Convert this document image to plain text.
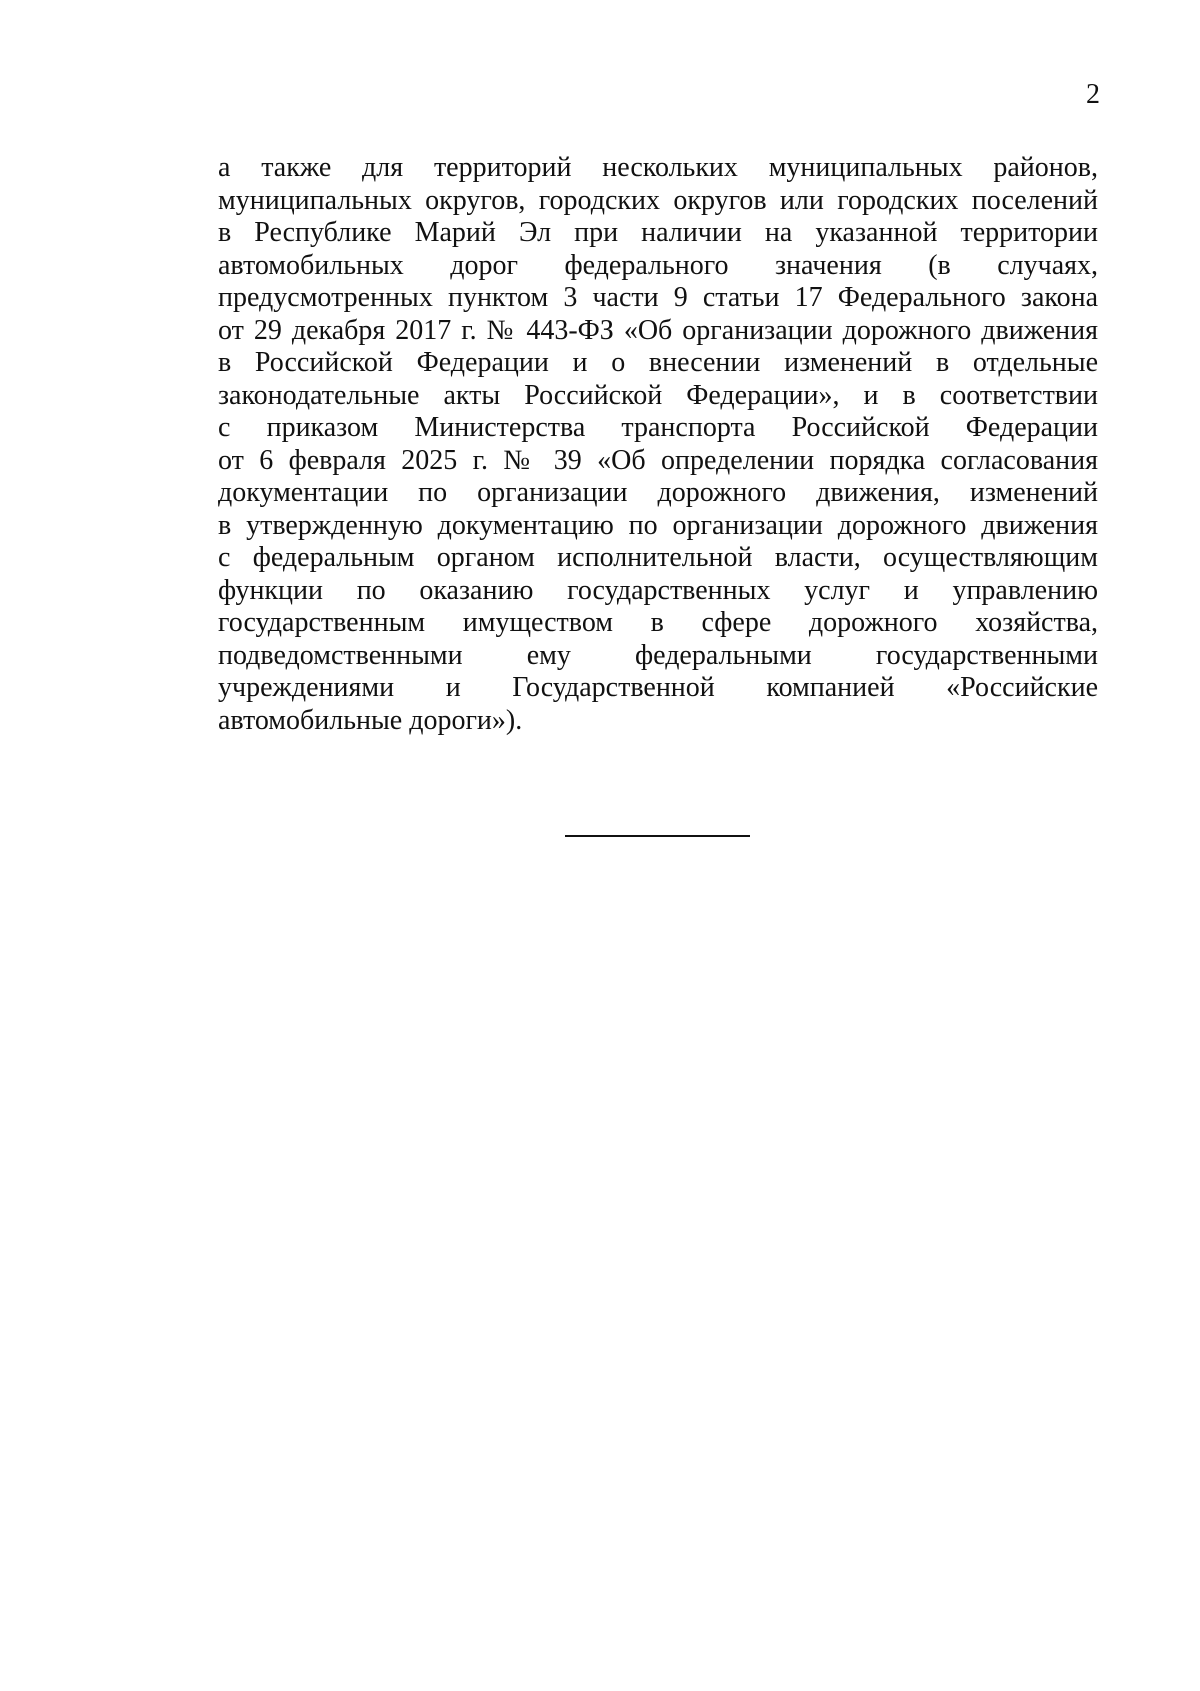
2
а также для территорий нескольких муниципальных районов,
муниципальных округов, городских округов или городских поселений
в Республике Марий Эл при наличии на указанной территории
автомобильных дорог федерального значения (в случаях,
предусмотренных пунктом 3 части 9 статьи 17 Федерального закона
от 29 декабря 2017 г. № 443-ФЗ «Об организации дорожного движения
в Российской Федерации и о внесении изменений в отдельные
законодательные акты Российской Федерации», и в соответствии
с приказом Министерства транспорта Российской Федерации
от 6 февраля 2025 г. № 39 «Об определении порядка согласования
документации по организации дорожного движения, изменений
в утвержденную документацию по организации дорожного движения
с федеральным органом исполнительной власти, осуществляющим
функции по оказанию государственных услуг и управлению
государственным имуществом в сфере дорожного хозяйства,
подведомственными ему федеральными государственными
учреждениями и Государственной компанией «Российские
автомобильные дороги»).
